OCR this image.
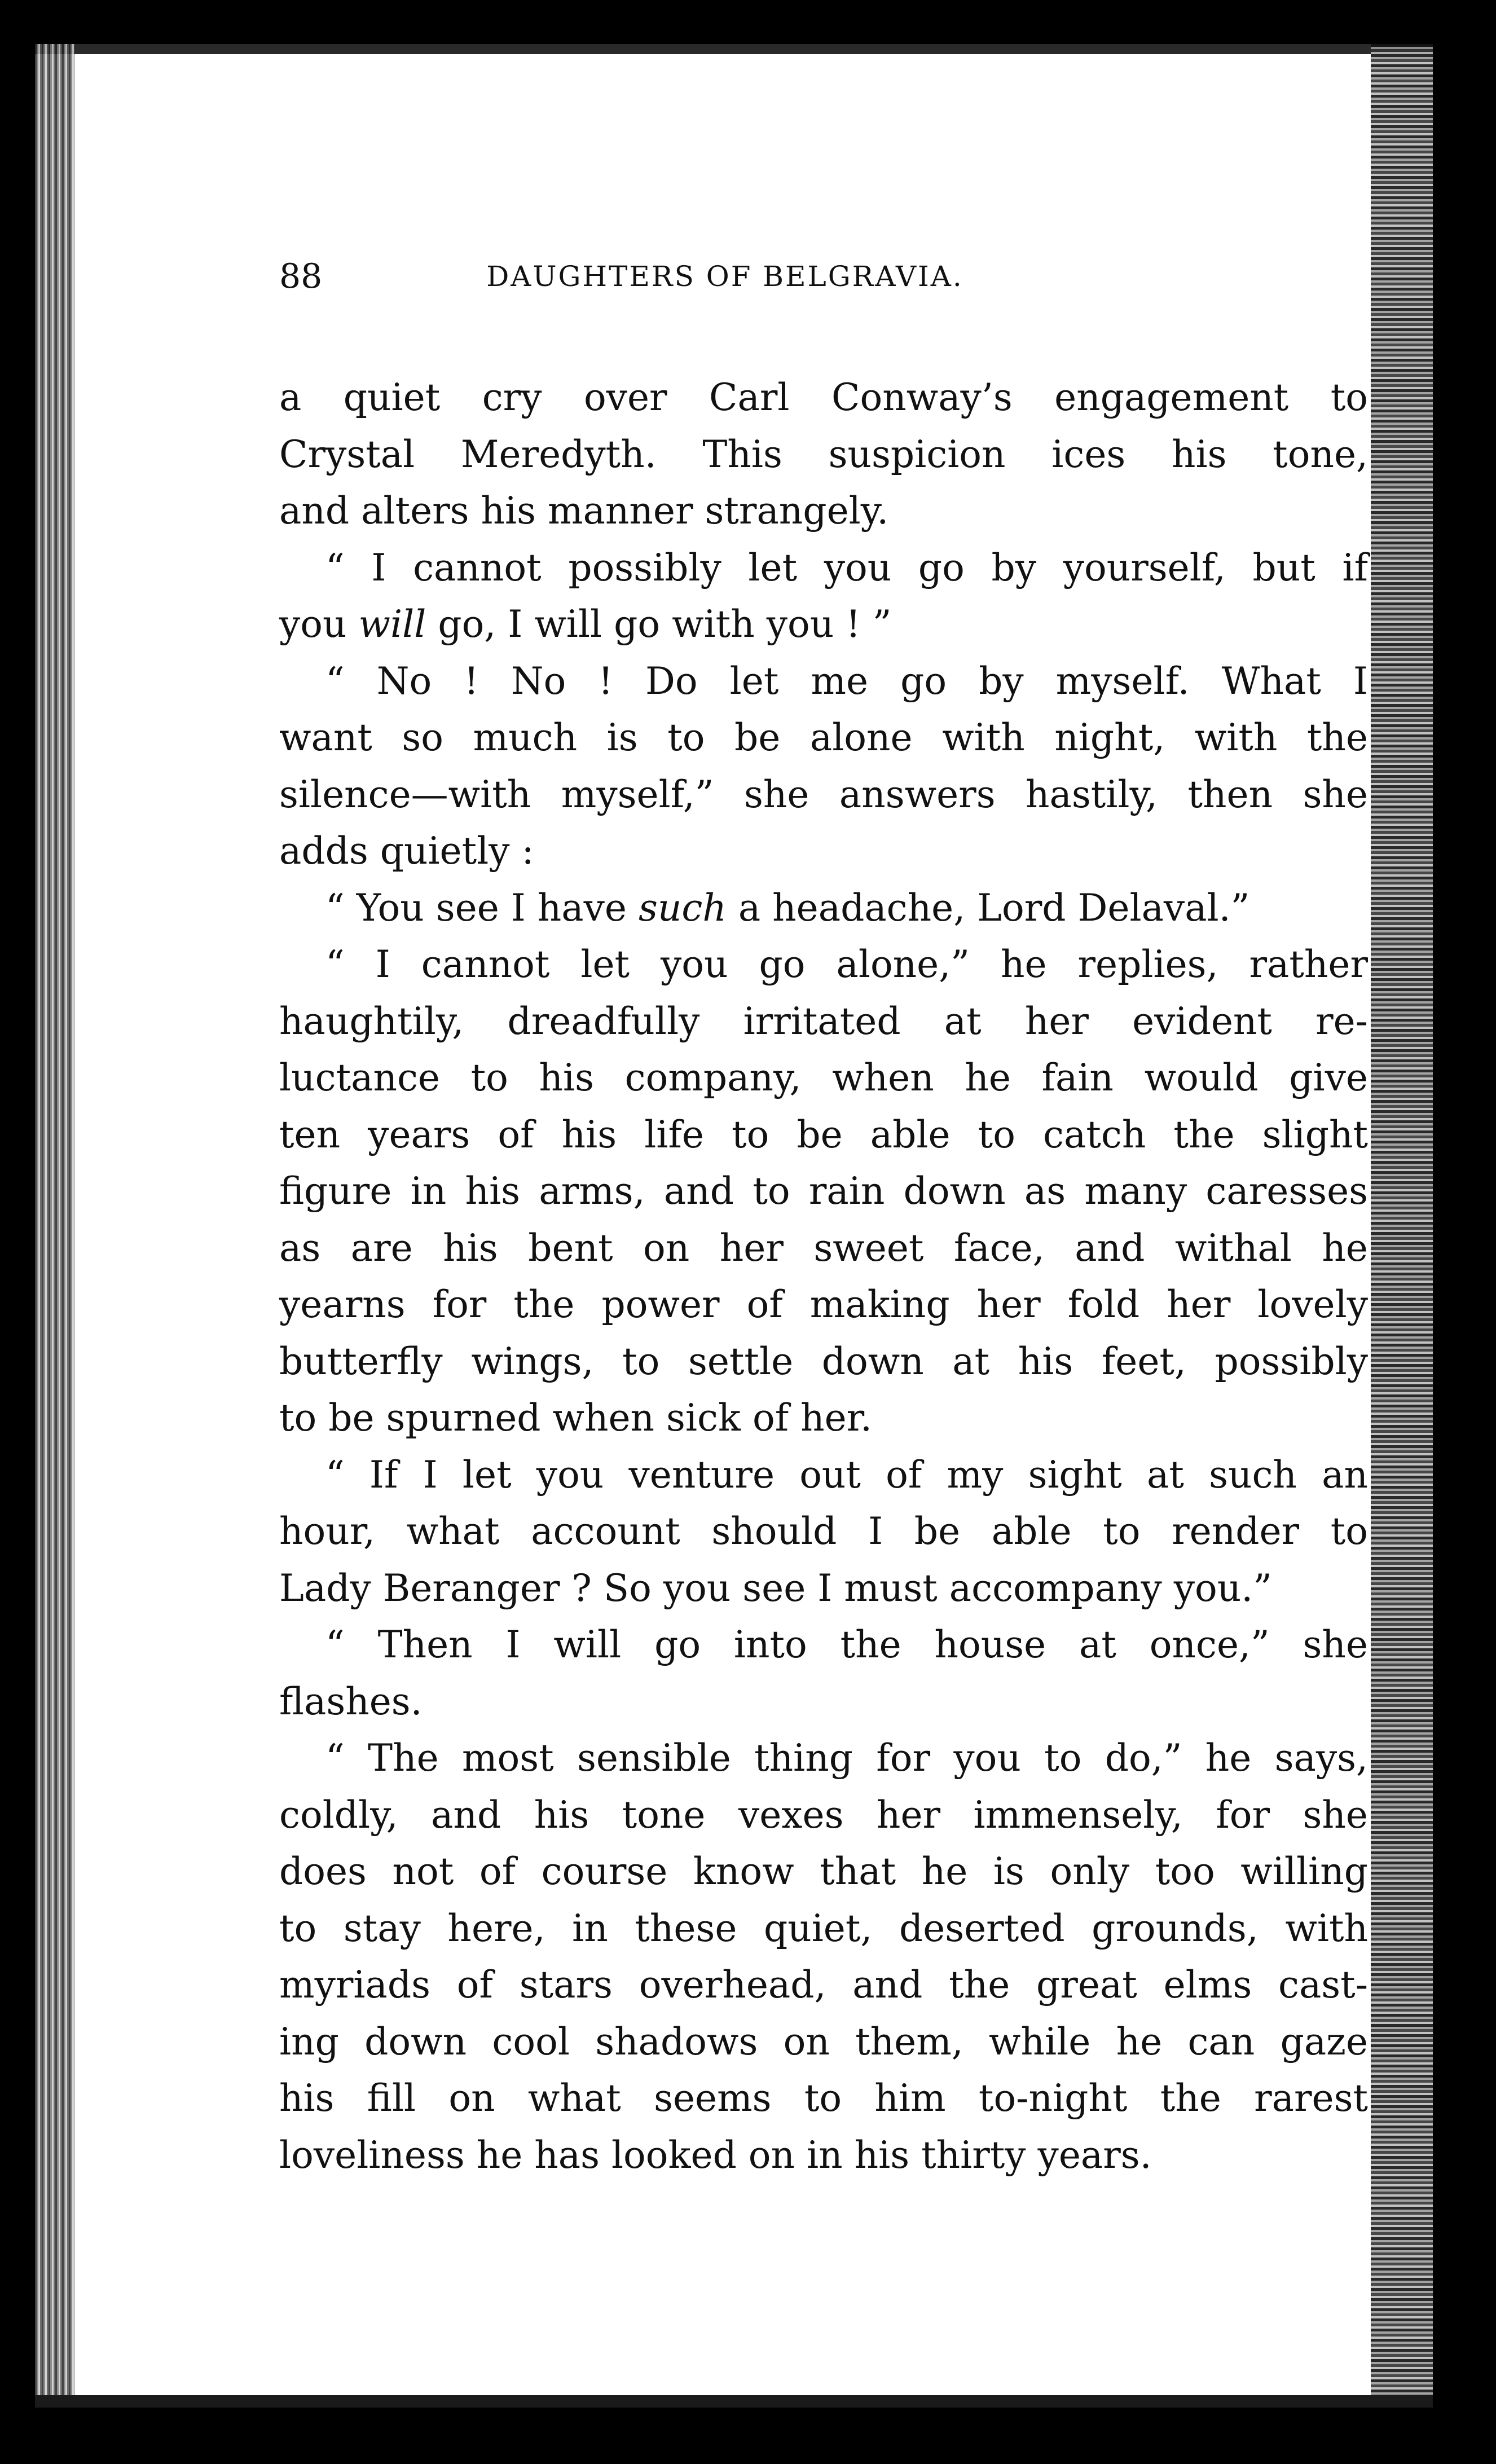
88	DAUGHTERS OF BELGRAVIA.
a quiet cry over Carl Conway’s engagement to
Crystal Meredyth. This suspicion ices his tone,
and alters his manner strangely.
“ I cannot possibly let you go by yourself, but if
you will go, I will go with you ! ”
“ No ! No ! Do let me go by myself. What I
want so much is to be alone with night, with the
silence—with myself,” she answers hastily, then she
adds quietly :
“ You see I have such a headache, Lord Delaval.”
“ I cannot let you go alone,” he replies, rather
haughtily, dreadfully irritated at her evident re-
luctance to his company, when he fain would give
ten years of his life to be able to catch the slight
figure in his arms, and to rain down as many caresses
as are his bent on her sweet face, and withal he
yearns for the power of making her fold her lovely
butterfly wings, to settle down at his feet, possibly
to be spurned when sick of her.
“ If I let you venture out of my sight at such an
hour, what account should I be able to render to
Lady Beranger ? So you see I must accompany you.”
“ Then I will go into the house at once,” she
flashes.
“ The most sensible thing for you to do,” he says,
coldly, and his tone vexes her immensely, for she
does not of course know that he is only too willing
to stay here, in these quiet, deserted grounds, with
myriads of stars overhead, and the great elms cast-
ing down cool shadows on them, while he can gaze
his fill on what seems to him to-night the rarest
loveliness he has looked on in his thirty years.
